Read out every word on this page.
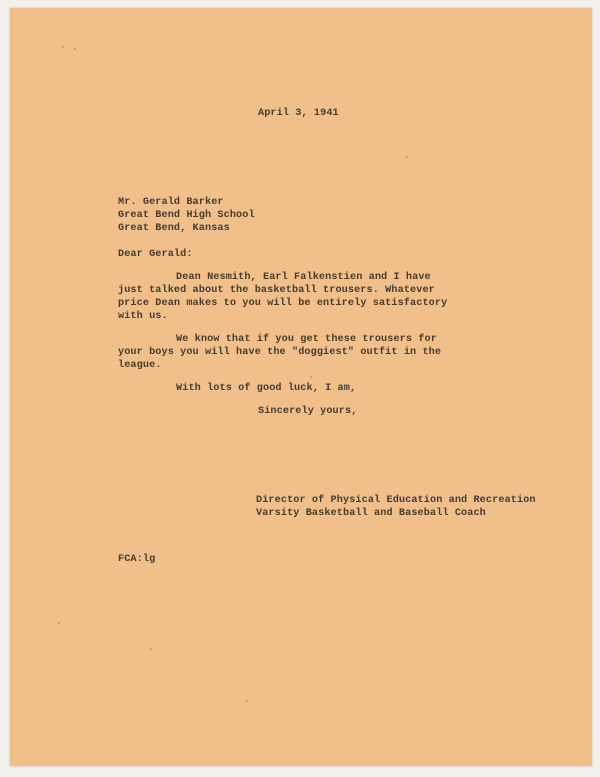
April 3, 1941
Mr. Gerald Barker
Great Bend High School
Great Bend, Kansas
Dear Gerald:
Dean Nesmith, Earl Falkenstien and I have
just talked about the basketball trousers. Whatever
price Dean makes to you will be entirely satisfactory
with us.
We know that if you get these trousers for
your boys you will have the "doggiest" outfit in the
league.
With lots of good luck, I am,
Sincerely yours,
Director of Physical Education and Recreation
Varsity Basketball and Baseball Coach
FCA:lg
